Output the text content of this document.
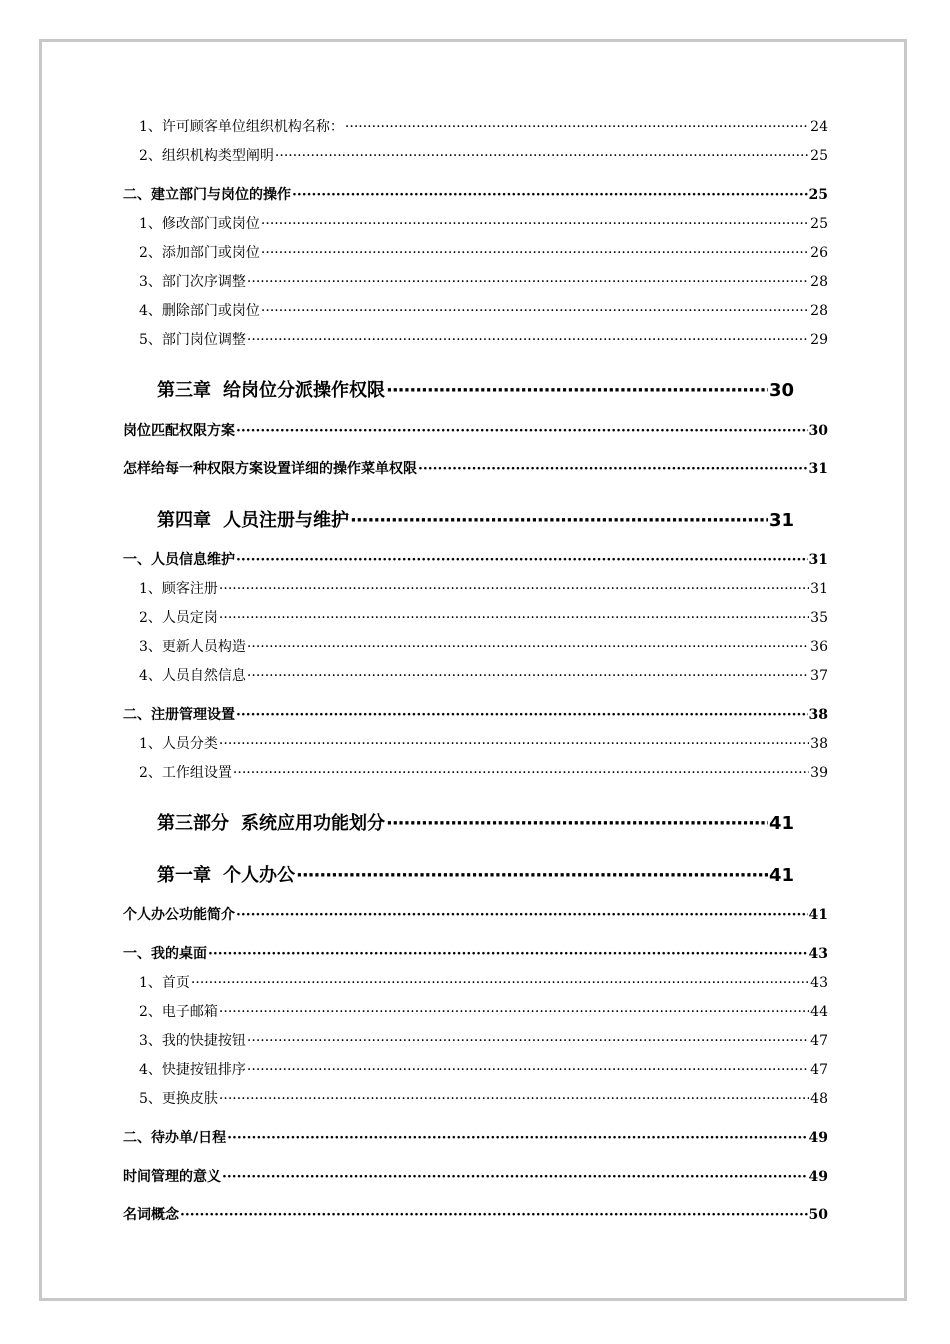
1、许可顾客单位组织机构名称： ·····	24
2、组织机构类型阐明 ·····	25
二、建立部门与岗位的操作 ·····	25
1、修改部门或岗位 ·····	25
2、添加部门或岗位 ·····	26
3、部门次序调整 ·····	28
4、删除部门或岗位 ·····	28
5、部门岗位调整 ·····	29
第三章 给岗位分派操作权限 ·····	30
岗位匹配权限方案 ·····	30
怎样给每一种权限方案设置详细的操作菜单权限 ·····	31
第四章 人员注册与维护 ·····	31
一、人员信息维护 ·····	31
1、顾客注册 ·····	31
2、人员定岗 ·····	35
3、更新人员构造 ·····	36
4、人员自然信息 ·····	37
二、注册管理设置 ·····	38
1、人员分类 ·····	38
2、工作组设置 ·····	39
第三部分 系统应用功能划分 ·····	41
第一章 个人办公 ·····	41
个人办公功能简介 ·····	41
一、我的桌面 ·····	43
1、首页 ·····	43
2、电子邮箱 ·····	44
3、我的快捷按钮 ·····	47
4、快捷按钮排序 ·····	47
5、更换皮肤 ·····	48
二、待办单/日程 ·····	49
时间管理的意义 ·····	49
名词概念 ·····	50
